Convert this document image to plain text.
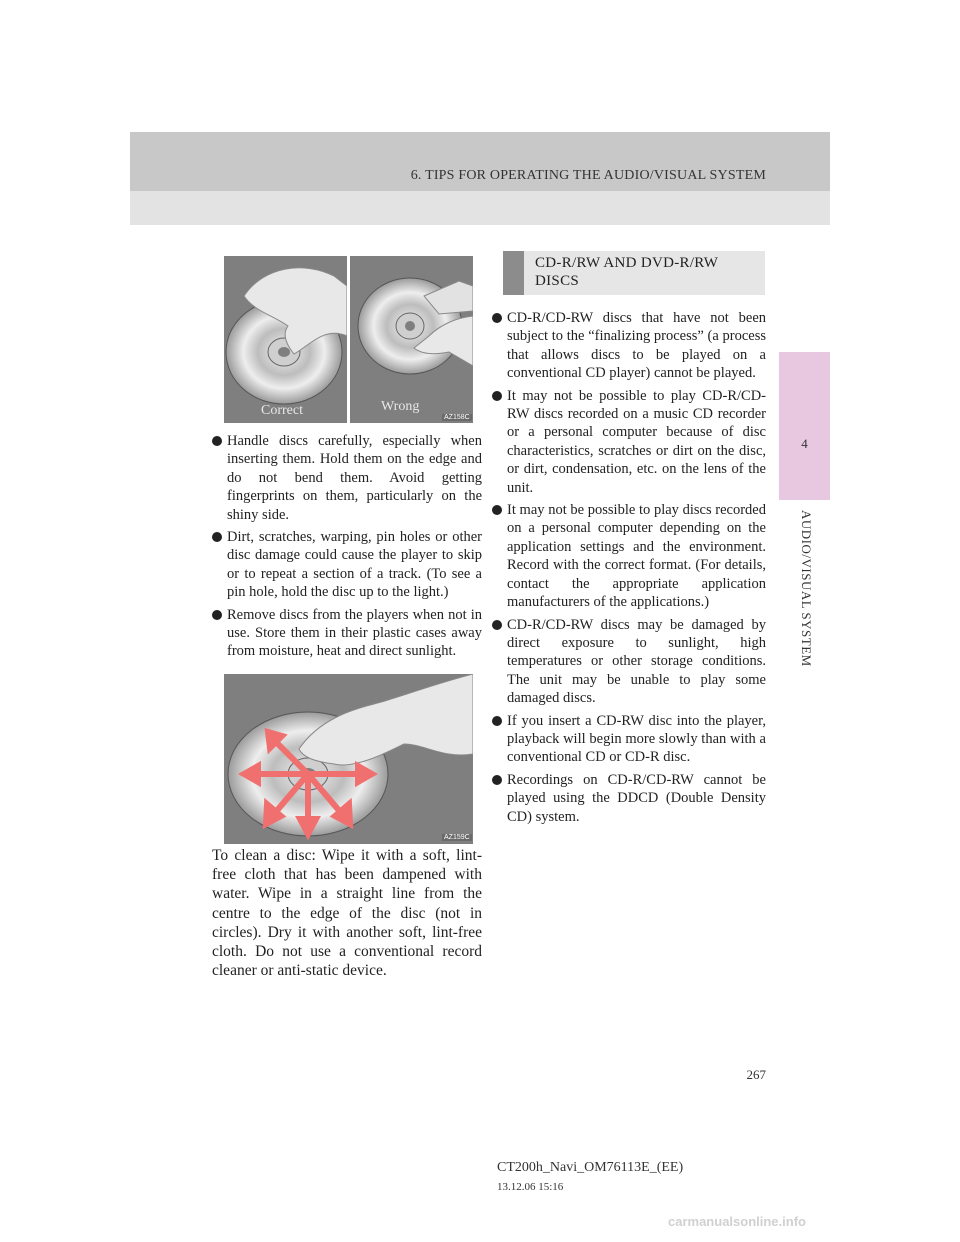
6. TIPS FOR OPERATING THE AUDIO/VISUAL SYSTEM
4
AUDIO/VISUAL SYSTEM
Correct	Wrong
AZ158C
Handle discs carefully, especially when inserting them. Hold them on the edge and do not bend them. Avoid getting fingerprints on them, particularly on the shiny side.
Dirt, scratches, warping, pin holes or other disc damage could cause the player to skip or to repeat a section of a track. (To see a pin hole, hold the disc up to the light.)
Remove discs from the players when not in use. Store them in their plastic cases away from moisture, heat and direct sunlight.
AZ159C

To clean a disc: Wipe it with a soft, lint-free cloth that has been dampened with water. Wipe in a straight line from the centre to the edge of the disc (not in circles). Dry it with another soft, lint-free cloth. Do not use a conventional record cleaner or anti-static device.

CD-R/RW AND DVD-R/RW DISCS
CD-R/CD-RW discs that have not been subject to the “finalizing process” (a process that allows discs to be played on a conventional CD player) cannot be played.
It may not be possible to play CD-R/CD-RW discs recorded on a music CD recorder or a personal computer because of disc characteristics, scratches or dirt on the disc, or dirt, condensation, etc. on the lens of the unit.
It may not be possible to play discs recorded on a personal computer depending on the application settings and the environment. Record with the correct format. (For details, contact the appropriate application manufacturers of the applications.)
CD-R/CD-RW discs may be damaged by direct exposure to sunlight, high temperatures or other storage conditions. The unit may be unable to play some damaged discs.
If you insert a CD-RW disc into the player, playback will begin more slowly than with a conventional CD or CD-R disc.
Recordings on CD-R/CD-RW cannot be played using the DDCD (Double Density CD) system.
267
CT200h_Navi_OM76113E_(EE)
13.12.06 15:16
carmanualsonline.info
